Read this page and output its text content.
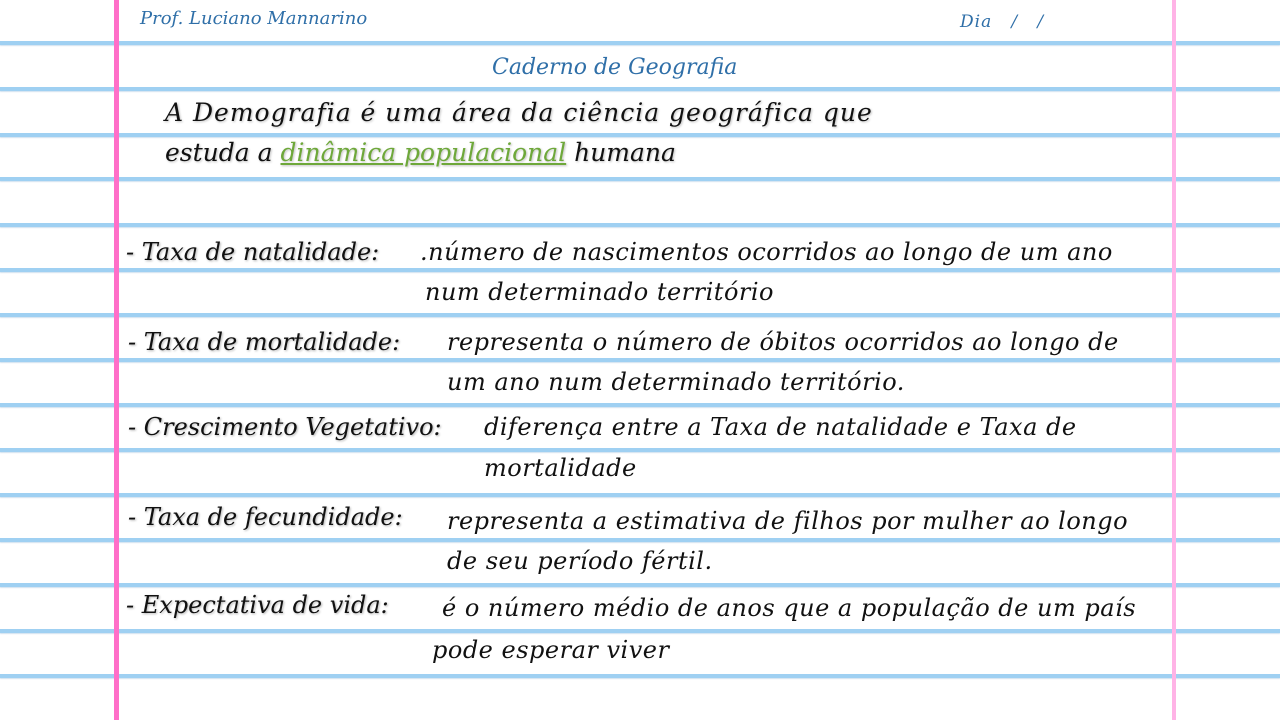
Prof. Luciano Mannarino	Dia   /   /
Caderno de Geografia
A Demografia é uma área da ciência geográfica que
estuda a dinâmica populacional humana
- Taxa de natalidade: .número de nascimentos ocorridos ao longo de um ano
num determinado território
- Taxa de mortalidade: representa o número de óbitos ocorridos ao longo de
um ano num determinado território.
- Crescimento Vegetativo: diferença entre a Taxa de natalidade e Taxa de
mortalidade
- Taxa de fecundidade: representa a estimativa de filhos por mulher ao longo
de seu período fértil.
- Expectativa de vida: é o número médio de anos que a população de um país
pode esperar viver
